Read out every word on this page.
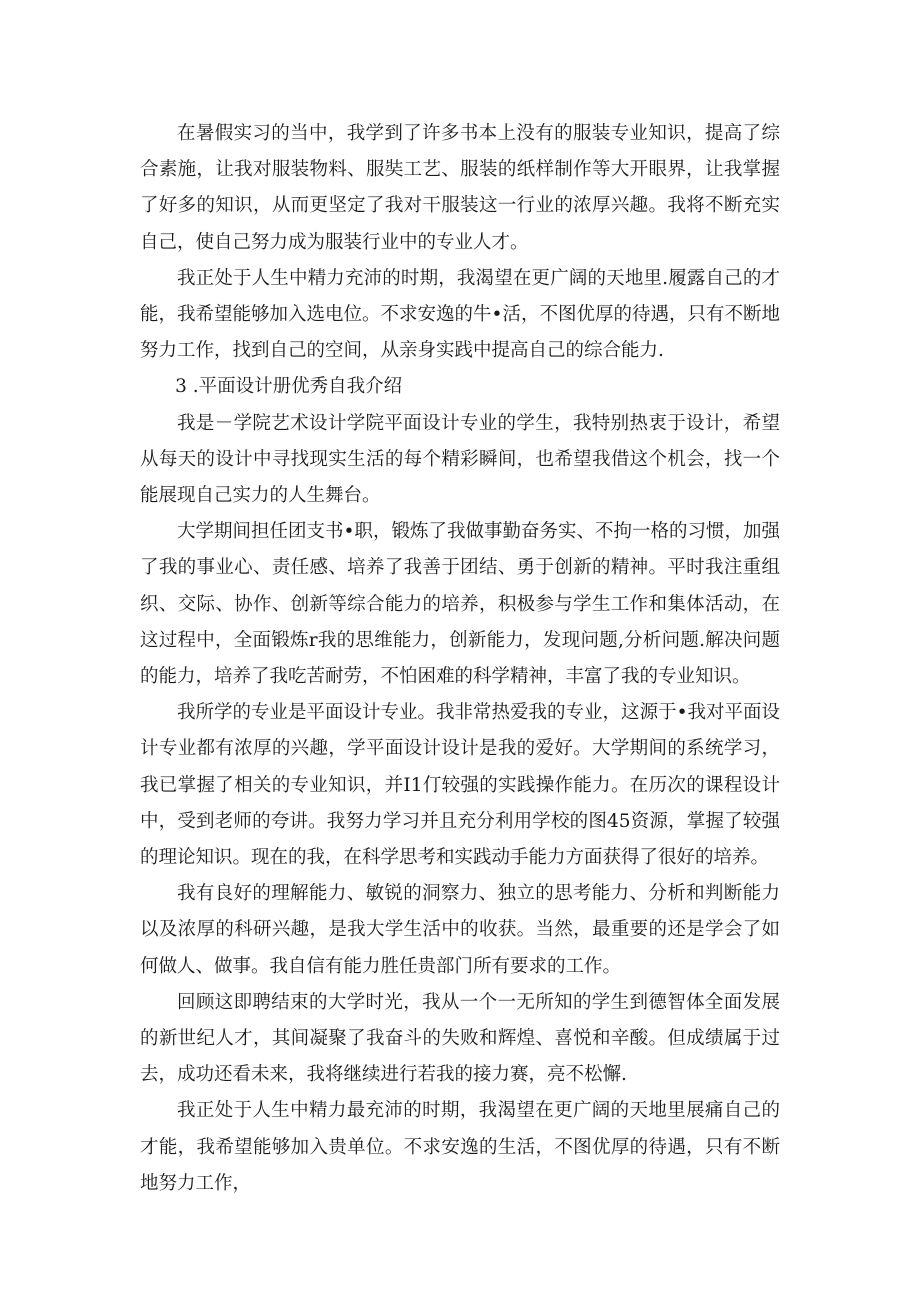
在暑假实习的当中，我学到了许多书本上没有的服装专业知识，提高了综合素施，让我对服装物料、服奘工艺、服装的纸样制作等大开眼界，让我掌握了好多的知识，从而更坚定了我对干服装这一行业的浓厚兴趣。我将不断充实自己，使自己努力成为服装行业中的专业人才。

我正处于人生中精力充沛的时期，我渴望在更广阔的天地里.履露自己的才能，我希望能够加入选电位。不求安逸的牛•活，不图优厚的待遇，只有不断地努力工作，找到自己的空间，从亲身实践中提高自己的综合能力.

3 .平面设计册优秀自我介绍

我是－学院艺术设计学院平面设计专业的学生，我特别热衷于设计，希望从每天的设计中寻找现实生活的每个精彩瞬间，也希望我借这个机会，找一个能展现自己实力的人生舞台。

大学期间担任团支书•职，锻炼了我做事勤奋务实、不拘一格的习惯，加强了我的事业心、责任感、培养了我善于团结、勇于创新的精神。平时我注重组织、交际、协作、创新等综合能力的培养，积极参与学生工作和集体活动，在这过程中，全面锻炼r我的思维能力，创新能力，发现问题,分析问题.解决问题的能力，培养了我吃苦耐劳，不怕困难的科学精神，丰富了我的专业知识。

我所学的专业是平面设计专业。我非常热爱我的专业，这源于•我对平面设计专业都有浓厚的兴趣，学平面设计设计是我的爱好。大学期间的系统学习，我已掌握了相关的专业知识，并I1仃较强的实践操作能力。在历次的课程设计中，受到老师的夸讲。我努力学习并且充分利用学校的图45资源，掌握了较强的理论知识。现在的我，在科学思考和实践动手能力方面获得了很好的培养。

我有良好的理解能力、敏锐的洞察力、独立的思考能力、分析和判断能力以及浓厚的科研兴趣，是我大学生活中的收获。当然，最重要的还是学会了如何做人、做事。我自信有能力胜任贵部门所有要求的工作。

回顾这即聘结束的大学时光，我从一个一无所知的学生到德智体全面发展的新世纪人才，其间凝聚了我奋斗的失败和辉煌、喜悦和辛酸。但成绩属于过去，成功还看未来，我将继续进行若我的接力赛，亮不松懈.

我正处于人生中精力最充沛的时期，我渴望在更广阔的天地里展痛自己的才能，我希望能够加入贵单位。不求安逸的生活，不图优厚的待遇，只有不断地努力工作，
